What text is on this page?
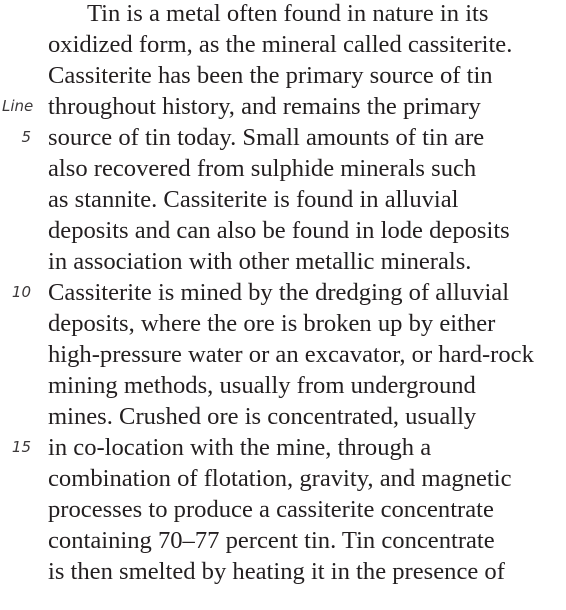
Line
5
10
15
Tin is a metal often found in nature in its
oxidized form, as the mineral called cassiterite.
Cassiterite has been the primary source of tin
throughout history, and remains the primary
source of tin today. Small amounts of tin are
also recovered from sulphide minerals such
as stannite. Cassiterite is found in alluvial
deposits and can also be found in lode deposits
in association with other metallic minerals.
Cassiterite is mined by the dredging of alluvial
deposits, where the ore is broken up by either
high-pressure water or an excavator, or hard-rock
mining methods, usually from underground
mines. Crushed ore is concentrated, usually
in co-location with the mine, through a
combination of flotation, gravity, and magnetic
processes to produce a cassiterite concentrate
containing 70–77 percent tin. Tin concentrate
is then smelted by heating it in the presence of
